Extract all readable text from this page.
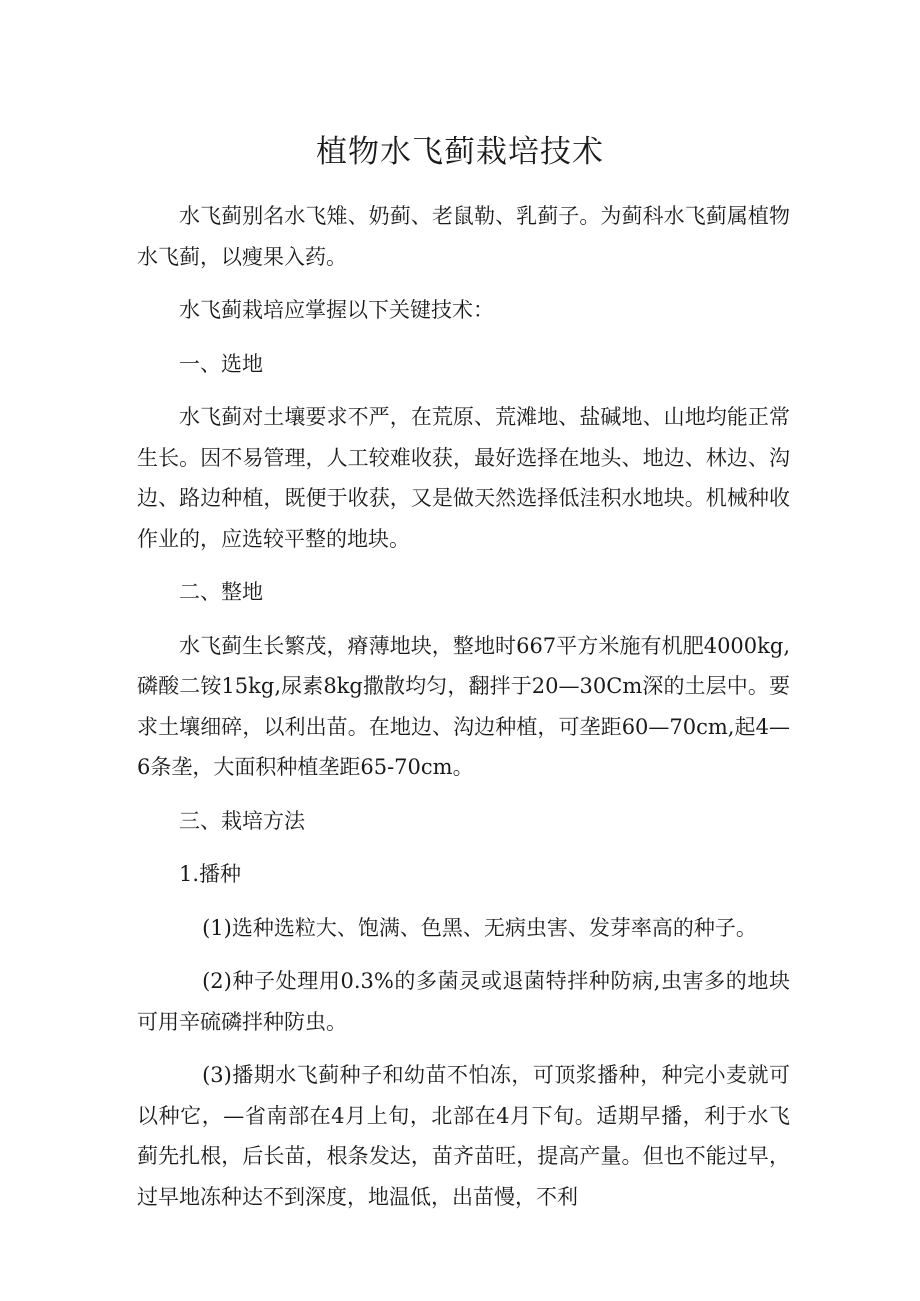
植物水飞蓟栽培技术

水飞蓟别名水飞雉、奶蓟、老鼠勒、乳蓟子。为蓟科水飞蓟属植物水飞蓟，以瘦果入药。

水飞蓟栽培应掌握以下关键技术：

一、选地

水飞蓟对土壤要求不严，在荒原、荒滩地、盐碱地、山地均能正常生长。因不易管理，人工较难收获，最好选择在地头、地边、林边、沟边、路边种植，既便于收获，又是做天然选择低洼积水地块。机械种收作业的，应选较平整的地块。

二、整地

水飞蓟生长繁茂，瘠薄地块，整地时667平方米施有机肥4000kg,磷酸二铵15kg,尿素8kg撒散均匀，翻拌于20—30Cm深的土层中。要求土壤细碎，以利出苗。在地边、沟边种植，可垄距60—70cm,起4—6条垄，大面积种植垄距65-70cm。

三、栽培方法

1.播种

(1)选种选粒大、饱满、色黑、无病虫害、发芽率高的种子。

(2)种子处理用0.3%的多菌灵或退菌特拌种防病,虫害多的地块可用辛硫磷拌种防虫。

(3)播期水飞蓟种子和幼苗不怕冻，可顶浆播种，种完小麦就可以种它，—省南部在4月上旬，北部在4月下旬。适期早播，利于水飞蓟先扎根，后长苗，根条发达，苗齐苗旺，提高产量。但也不能过早，过早地冻种达不到深度，地温低，出苗慢，不利
